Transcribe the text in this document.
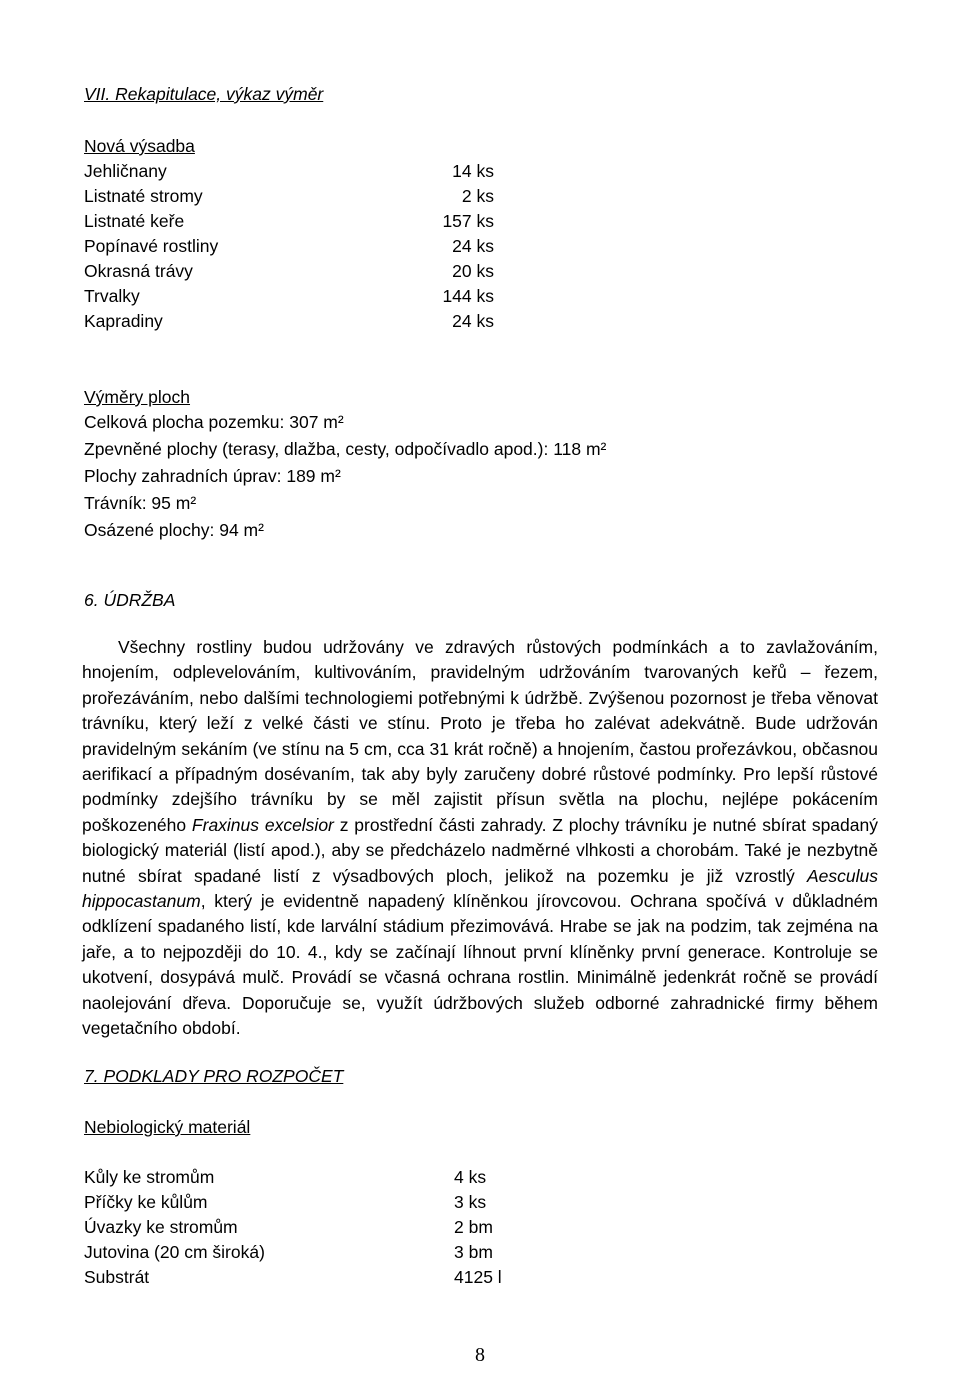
VII. Rekapitulace, výkaz výměr
Nová výsadba
Jehličnany	14 ks
Listnaté stromy	2 ks
Listnaté keře	157 ks
Popínavé rostliny	24 ks
Okrasná trávy	20 ks
Trvalky	144 ks
Kapradiny	24 ks
Výměry ploch
Celková plocha pozemku: 307 m²
Zpevněné plochy (terasy, dlažba, cesty, odpočívadlo apod.): 118 m²
Plochy zahradních úprav: 189 m²
Trávník: 95 m²
Osázené plochy: 94 m²
6. ÚDRŽBA
Všechny rostliny budou udržovány ve zdravých růstových podmínkách a to zavlažováním, hnojením, odplevelováním, kultivováním, pravidelným udržováním tvarovaných keřů – řezem, prořezáváním, nebo dalšími technologiemi potřebnými k údržbě. Zvýšenou pozornost je třeba věnovat trávníku, který leží z velké části ve stínu. Proto je třeba ho zalévat adekvátně. Bude udržován pravidelným sekáním (ve stínu na 5 cm, cca 31 krát ročně) a hnojením, častou prořezávkou, občasnou aerifikací a případným dosévaním, tak aby byly zaručeny dobré růstové podmínky. Pro lepší růstové podmínky zdejšího trávníku by se měl zajistit přísun světla na plochu, nejlépe pokácením poškozeného Fraxinus excelsior z prostřední části zahrady. Z plochy trávníku je nutné sbírat spadaný biologický materiál (listí apod.), aby se předcházelo nadměrné vlhkosti a chorobám. Také je nezbytně nutné sbírat spadané listí z výsadbových ploch, jelikož na pozemku je již vzrostlý Aesculus hippocastanum, který je evidentně napadený klíněnkou jírovcovou. Ochrana spočívá v důkladném odklízení spadaného listí, kde larvální stádium přezimovává. Hrabe se jak na podzim, tak zejména na jaře, a to nejpozději do 10. 4., kdy se začínají líhnout první klíněnky první generace. Kontroluje se ukotvení, dosypává mulč. Provádí se včasná ochrana rostlin. Minimálně jedenkrát ročně se provádí naolejování dřeva. Doporučuje se, využít údržbových služeb odborné zahradnické firmy během vegetačního období.
7. PODKLADY PRO ROZPOČET
Nebiologický materiál
Kůly ke stromům	4 ks
Příčky ke kůlům	3 ks
Úvazky ke stromům	2 bm
Jutovina (20 cm široká)	3 bm
Substrát	4125 l
8
